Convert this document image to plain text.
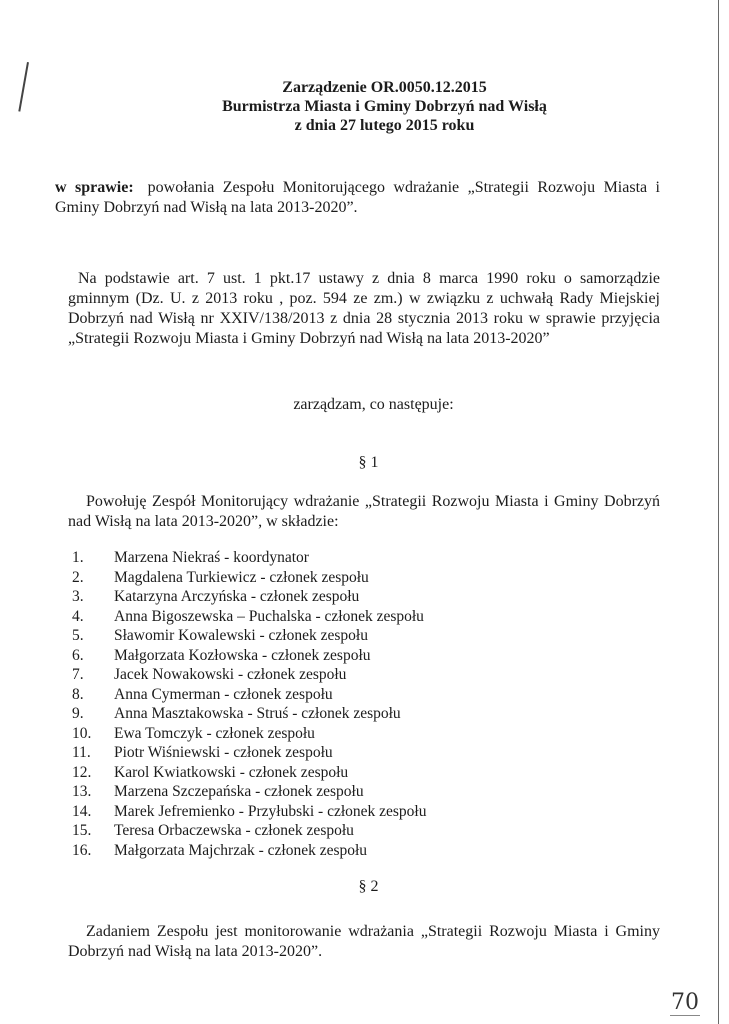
Zarządzenie OR.0050.12.2015
Burmistrza Miasta i Gminy Dobrzyń nad Wisłą
z dnia 27 lutego 2015 roku
w sprawie: powołania Zespołu Monitorującego wdrażanie „Strategii Rozwoju Miasta i Gminy Dobrzyń nad Wisłą na lata 2013-2020”.
Na podstawie art. 7 ust. 1 pkt.17 ustawy z dnia 8 marca 1990 roku o samorządzie gminnym (Dz. U. z 2013 roku , poz. 594 ze zm.) w związku z uchwałą Rady Miejskiej Dobrzyń nad Wisłą nr XXIV/138/2013 z dnia 28 stycznia 2013 roku w sprawie przyjęcia „Strategii Rozwoju Miasta i Gminy Dobrzyń nad Wisłą na lata 2013-2020”
zarządzam, co następuje:
§ 1
Powołuję Zespół Monitorujący wdrażanie „Strategii Rozwoju Miasta i Gminy Dobrzyń nad Wisłą na lata 2013-2020”, w składzie:
1. Marzena Niekraś - koordynator
2. Magdalena Turkiewicz - członek zespołu
3. Katarzyna Arczyńska - członek zespołu
4. Anna Bigoszewska – Puchalska - członek zespołu
5. Sławomir Kowalewski - członek zespołu
6. Małgorzata Kozłowska - członek zespołu
7. Jacek Nowakowski - członek zespołu
8. Anna Cymerman - członek zespołu
9. Anna Masztakowska - Struś - członek zespołu
10. Ewa Tomczyk - członek zespołu
11. Piotr Wiśniewski - członek zespołu
12. Karol Kwiatkowski - członek zespołu
13. Marzena Szczepańska - członek zespołu
14. Marek Jefremienko - Przyłubski - członek zespołu
15. Teresa Orbaczewska - członek zespołu
16. Małgorzata Majchrzak - członek zespołu
§ 2
Zadaniem Zespołu jest monitorowanie wdrażania „Strategii Rozwoju Miasta i Gminy Dobrzyń nad Wisłą na lata 2013-2020”.
70
